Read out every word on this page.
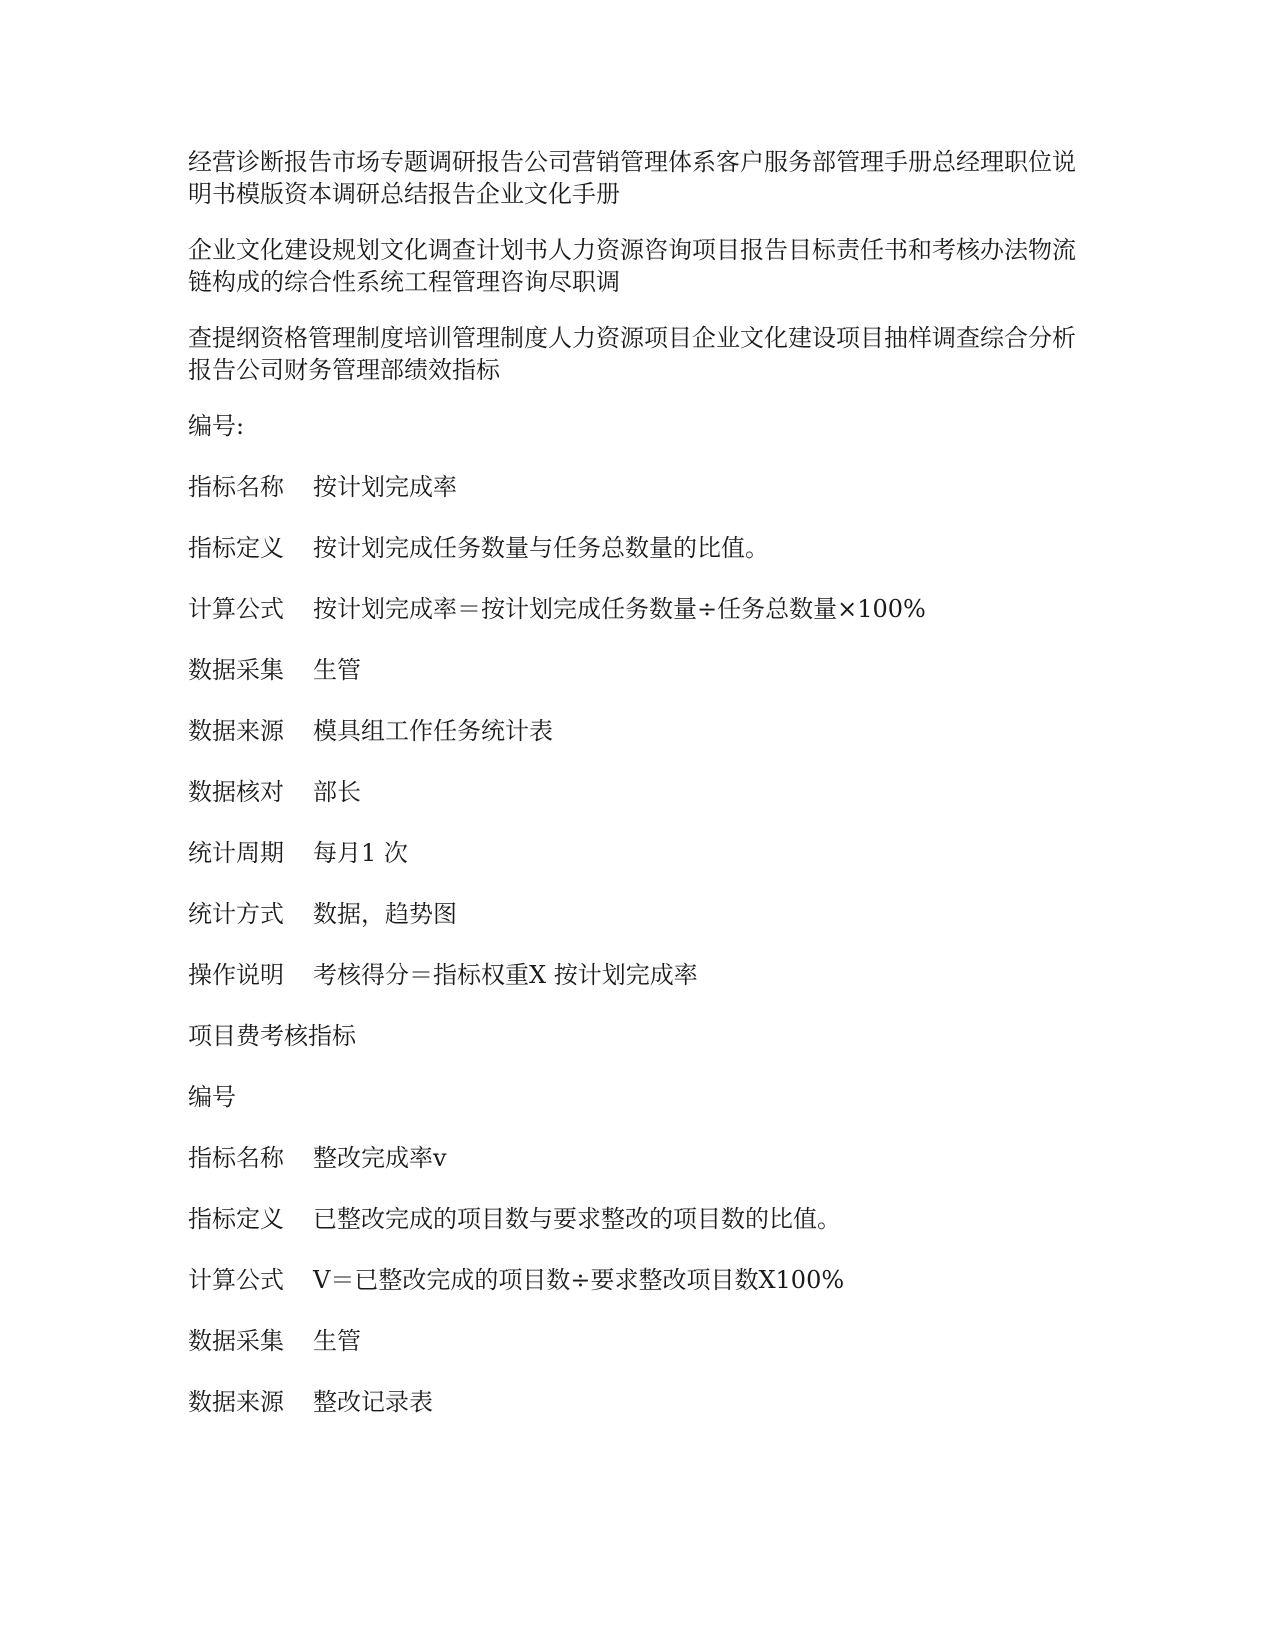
经营诊断报告市场专题调研报告公司营销管理体系客户服务部管理手册总经理职位说明书模版资本调研总结报告企业文化手册

企业文化建设规划文化调查计划书人力资源咨询项目报告目标责任书和考核办法物流链构成的综合性系统工程管理咨询尽职调

查提纲资格管理制度培训管理制度人力资源项目企业文化建设项目抽样调查综合分析报告公司财务管理部绩效指标

编号:
指标名称 按计划完成率
指标定义 按计划完成任务数量与任务总数量的比值。
计算公式 按计划完成率＝按计划完成任务数量÷任务总数量×100%
数据采集 生管
数据来源 模具组工作任务统计表
数据核对 部长
统计周期 每月1 次
统计方式 数据，趋势图
操作说明 考核得分＝指标权重X 按计划完成率
项目费考核指标
编号
指标名称 整改完成率v
指标定义 已整改完成的项目数与要求整改的项目数的比值。
计算公式 V＝已整改完成的项目数÷要求整改项目数X100%
数据采集 生管
数据来源 整改记录表
